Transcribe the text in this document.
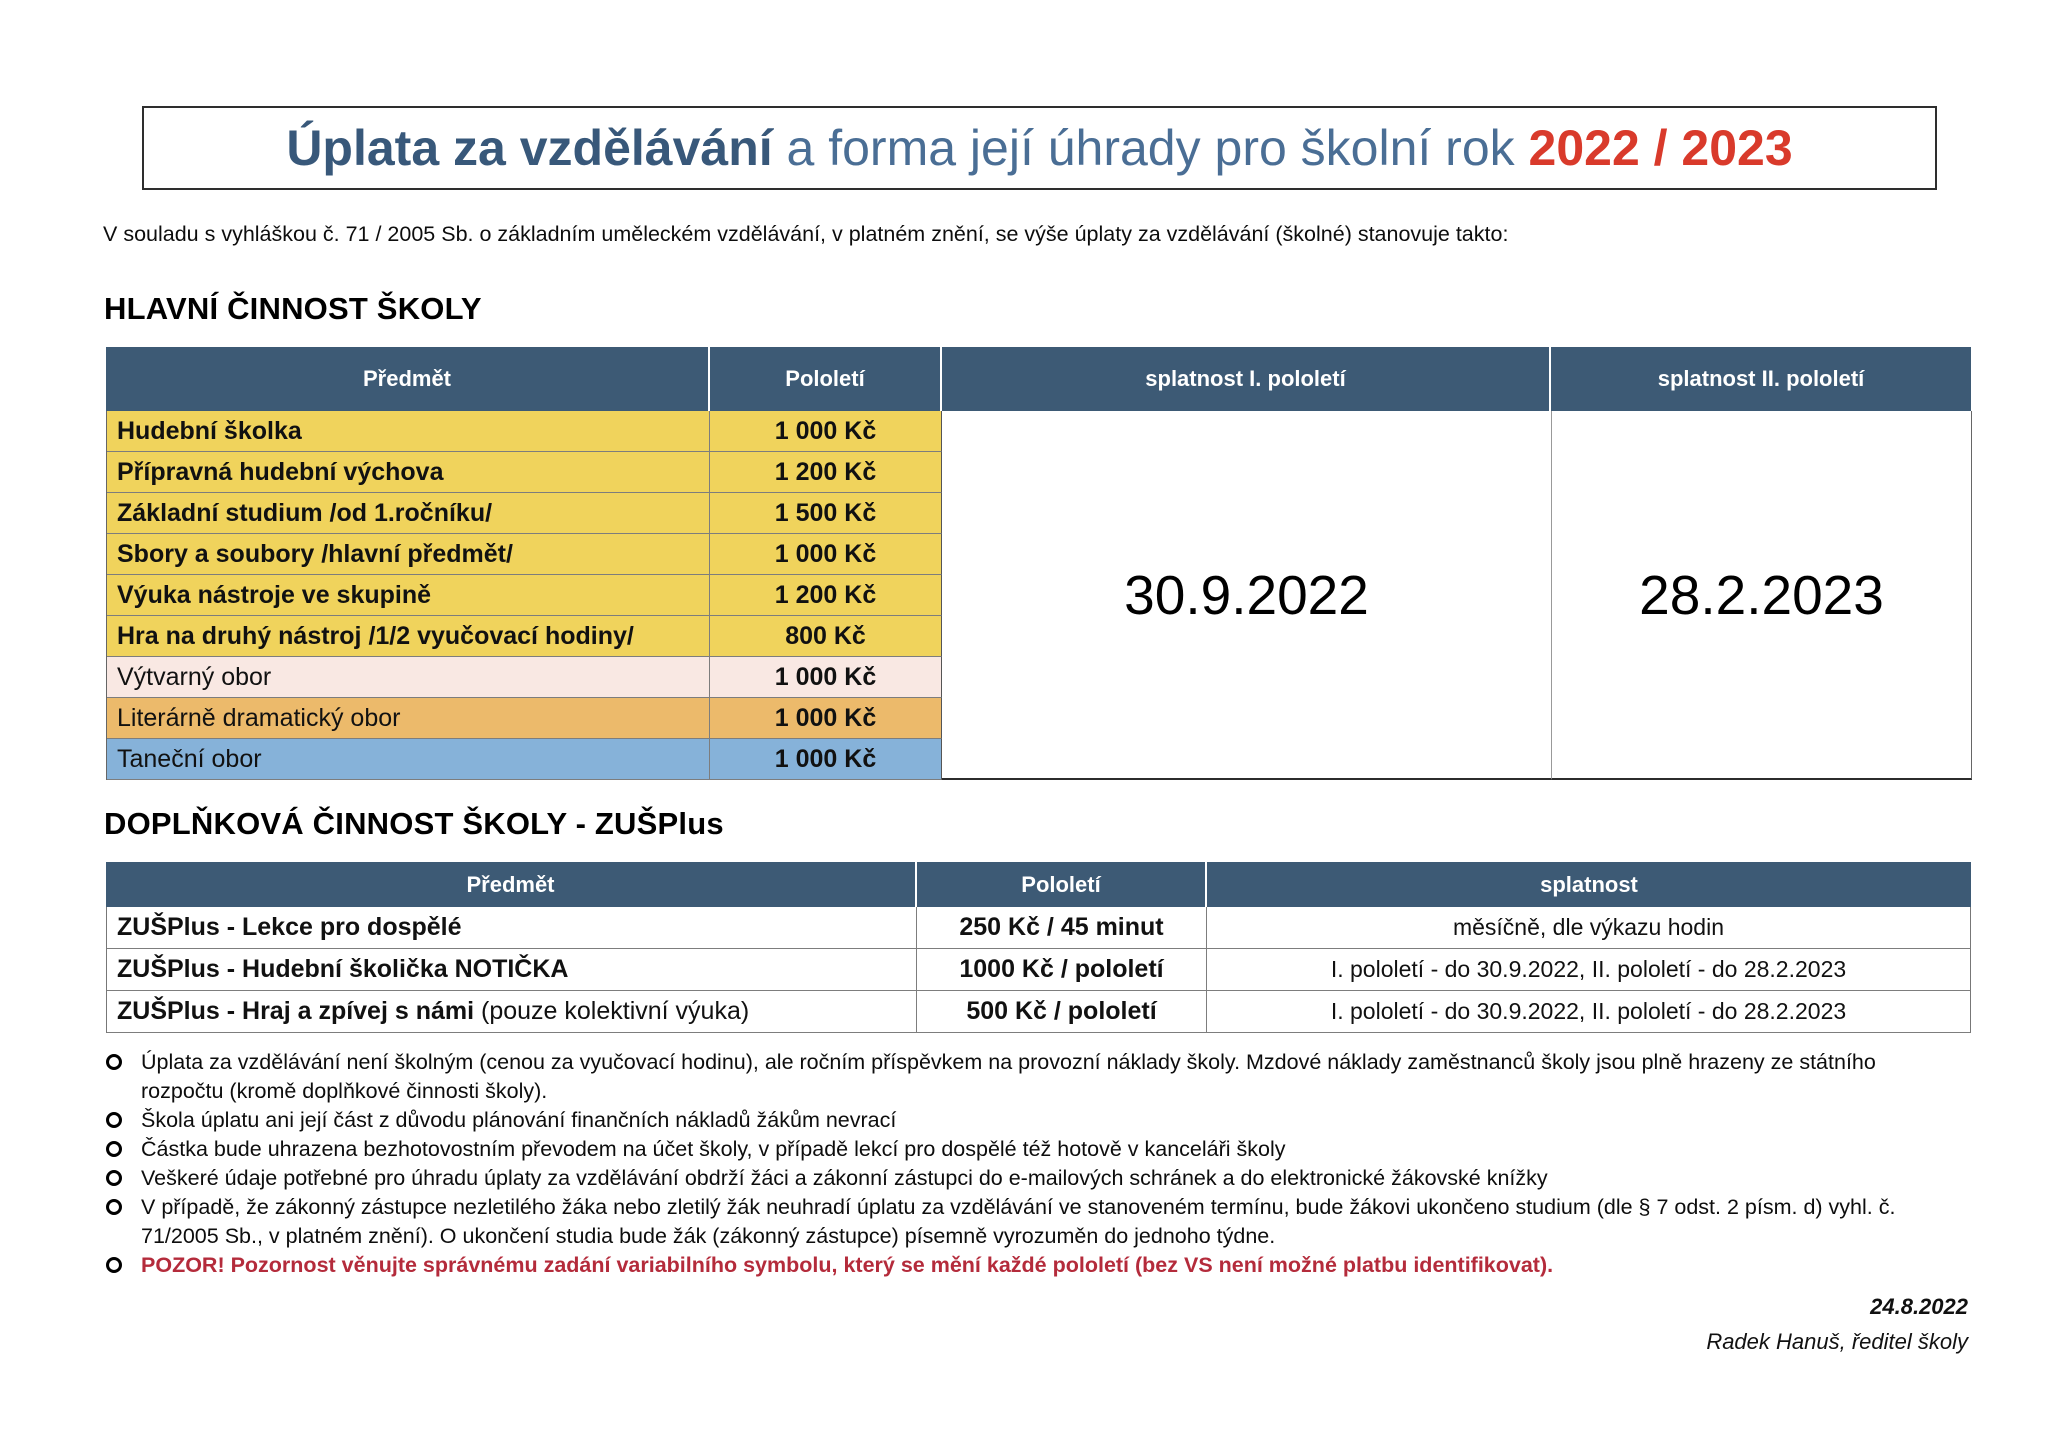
Úplata za vzdělávání a forma její úhrady pro školní rok 2022 / 2023
V souladu s vyhláškou č. 71 / 2005 Sb. o základním uměleckém vzdělávání, v platném znění, se výše úplaty za vzdělávání (školné) stanovuje takto:
HLAVNÍ ČINNOST ŠKOLY
Předmět	Pololetí	splatnost I. pololetí	splatnost II. pololetí
30.9.2022	28.2.2023
Hudební školka	1 000 Kč
Přípravná hudební výchova	1 200 Kč
Základní studium /od 1.ročníku/	1 500 Kč
Sbory a soubory /hlavní předmět/	1 000 Kč
Výuka nástroje ve skupině	1 200 Kč
Hra na druhý nástroj /1/2 vyučovací hodiny/	800 Kč
Výtvarný obor	1 000 Kč
Literárně dramatický obor	1 000 Kč
Taneční obor	1 000 Kč
DOPLŇKOVÁ ČINNOST ŠKOLY - ZUŠPlus
Předmět	Pololetí	splatnost
ZUŠPlus - Lekce pro dospělé	250 Kč / 45 minut	měsíčně, dle výkazu hodin
ZUŠPlus - Hudební školička NOTIČKA	1000 Kč / pololetí	I. pololetí - do 30.9.2022, II. pololetí - do 28.2.2023
ZUŠPlus - Hraj a zpívej s námi (pouze kolektivní výuka)	500 Kč / pololetí	I. pololetí - do 30.9.2022, II. pololetí - do 28.2.2023
Úplata za vzdělávání není školným (cenou za vyučovací hodinu), ale ročním příspěvkem na provozní náklady školy. Mzdové náklady zaměstnanců školy jsou plně hrazeny ze státního rozpočtu (kromě doplňkové činnosti školy).
Škola úplatu ani její část z důvodu plánování finančních nákladů žákům nevrací
Částka bude uhrazena bezhotovostním převodem na účet školy, v případě lekcí pro dospělé též hotově v kanceláři školy
Veškeré údaje potřebné pro úhradu úplaty za vzdělávání obdrží žáci a zákonní zástupci do e-mailových schránek a do elektronické žákovské knížky
V případě, že zákonný zástupce nezletilého žáka nebo zletilý žák neuhradí úplatu za vzdělávání ve stanoveném termínu, bude žákovi ukončeno studium (dle § 7 odst. 2 písm. d) vyhl. č. 71/2005 Sb., v platném znění). O ukončení studia bude žák (zákonný zástupce) písemně vyrozuměn do jednoho týdne.
POZOR! Pozornost věnujte správnému zadání variabilního symbolu, který se mění každé pololetí (bez VS není možné platbu identifikovat).
24.8.2022
Radek Hanuš, ředitel školy
